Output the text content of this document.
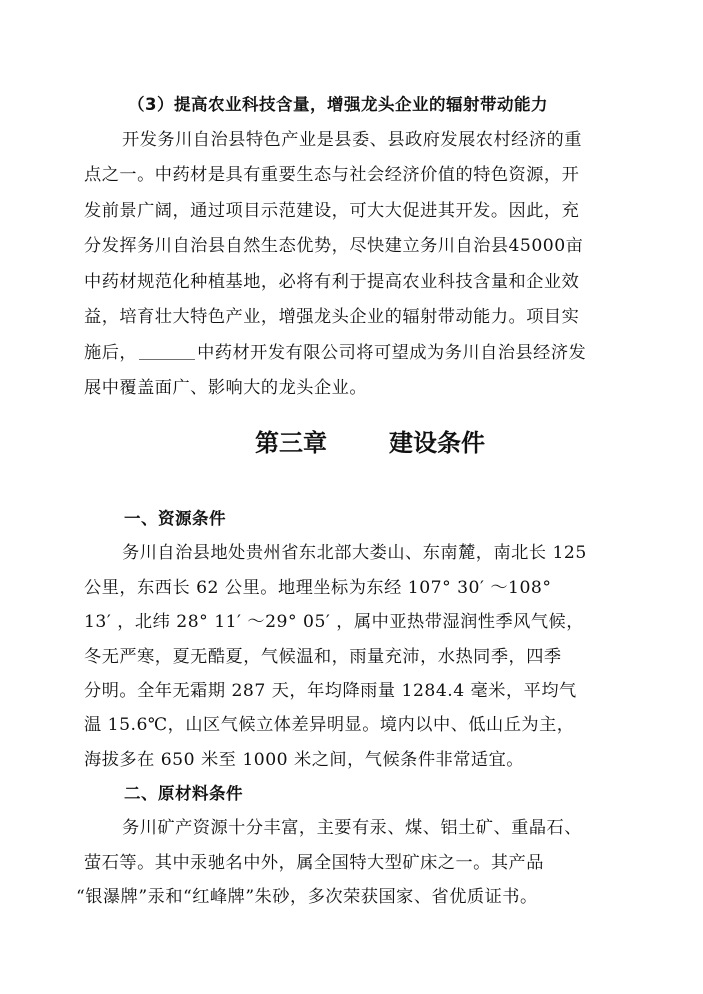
（3）提高农业科技含量，增强龙头企业的辐射带动能力
开发务川自治县特色产业是县委、县政府发展农村经济的重
点之一。中药材是具有重要生态与社会经济价值的特色资源，开
发前景广阔，通过项目示范建设，可大大促进其开发。因此，充
分发挥务川自治县自然生态优势，尽快建立务川自治县45000亩
中药材规范化种植基地，必将有利于提高农业科技含量和企业效
益，培育壮大特色产业，增强龙头企业的辐射带动能力。项目实
施后，	中药材开发有限公司将可望成为务川自治县经济发
展中覆盖面广、影响大的龙头企业。
第三章	建设条件
一、资源条件
务川自治县地处贵州省东北部大娄山、东南麓，南北长 125
公里，东西长 62 公里。地理坐标为东经 107° 30′ ～108°
13′ ，北纬 28° 11′ ～29° 05′ ，属中亚热带湿润性季风气候，
冬无严寒，夏无酷夏，气候温和，雨量充沛，水热同季，四季
分明。全年无霜期 287 天，年均降雨量 1284.4 毫米，平均气
温 15.6℃，山区气候立体差异明显。境内以中、低山丘为主，
海拔多在 650 米至 1000 米之间，气候条件非常适宜。
二、原材料条件
务川矿产资源十分丰富，主要有汞、煤、铝土矿、重晶石、
萤石等。其中汞驰名中外，属全国特大型矿床之一。其产品
“银瀑牌”汞和“红峰牌”朱砂，多次荣获国家、省优质证书。
